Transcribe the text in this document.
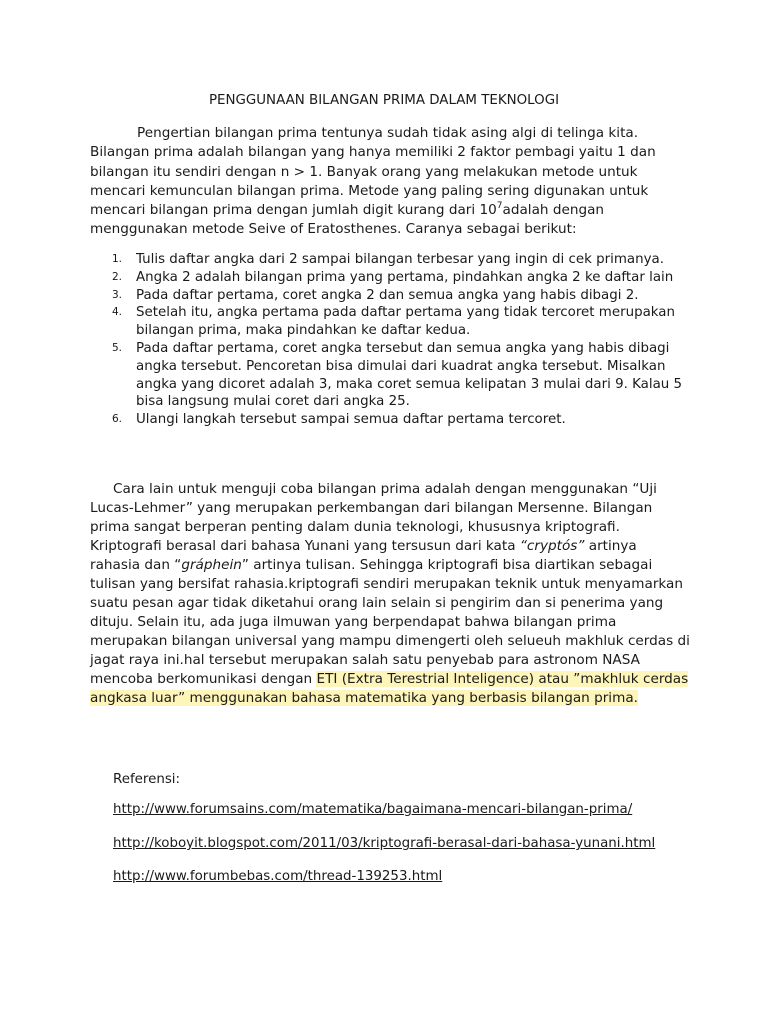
PENGGUNAAN BILANGAN PRIMA DALAM TEKNOLOGI

Pengertian bilangan prima tentunya sudah tidak asing algi di telinga kita. Bilangan prima adalah bilangan yang hanya memiliki 2 faktor pembagi yaitu 1 dan bilangan itu sendiri dengan n > 1. Banyak orang yang melakukan metode untuk mencari kemunculan bilangan prima. Metode yang paling sering digunakan untuk mencari bilangan prima dengan jumlah digit kurang dari $10^7adalah$ dengan menggunakan metode Seive of Eratosthenes. Caranya sebagai berikut:

1. Tulis daftar angka dari 2 sampai bilangan terbesar yang ingin di cek primanya.
2. Angka 2 adalah bilangan prima yang pertama, pindahkan angka 2 ke daftar lain
3. Pada daftar pertama, coret angka 2 dan semua angka yang habis dibagi 2.
4. Setelah itu, angka pertama pada daftar pertama yang tidak tercoret merupakan bilangan prima, maka pindahkan ke daftar kedua.
5. Pada daftar pertama, coret angka tersebut dan semua angka yang habis dibagi angka tersebut. Pencoretan bisa dimulai dari kuadrat angka tersebut. Misalkan angka yang dicoret adalah 3, maka coret semua kelipatan 3 mulai dari 9. Kalau 5 bisa langsung mulai coret dari angka 25.
6. Ulangi langkah tersebut sampai semua daftar pertama tercoret.

Cara lain untuk menguji coba bilangan prima adalah dengan menggunakan “Uji Lucas-Lehmer” yang merupakan perkembangan dari bilangan Mersenne. Bilangan prima sangat berperan penting dalam dunia teknologi, khususnya kriptografi. Kriptografi berasal dari bahasa Yunani yang tersusun dari kata “cryptós” artinya rahasia dan “gráphein” artinya tulisan. Sehingga kriptografi bisa diartikan sebagai tulisan yang bersifat rahasia.kriptografi sendiri merupakan teknik untuk menyamarkan suatu pesan agar tidak diketahui orang lain selain si pengirim dan si penerima yang dituju. Selain itu, ada juga ilmuwan yang berpendapat bahwa bilangan prima merupakan bilangan universal yang mampu dimengerti oleh selueuh makhluk cerdas di jagat raya ini.hal tersebut merupakan salah satu penyebab para astronom NASA mencoba berkomunikasi dengan ETI (Extra Terestrial Inteligence) atau ”makhluk cerdas angkasa luar” menggunakan bahasa matematika yang berbasis bilangan prima.

Referensi:
http://www.forumsains.com/matematika/bagaimana-mencari-bilangan-prima/
http://koboyit.blogspot.com/2011/03/kriptografi-berasal-dari-bahasa-yunani.html
http://www.forumbebas.com/thread-139253.html
